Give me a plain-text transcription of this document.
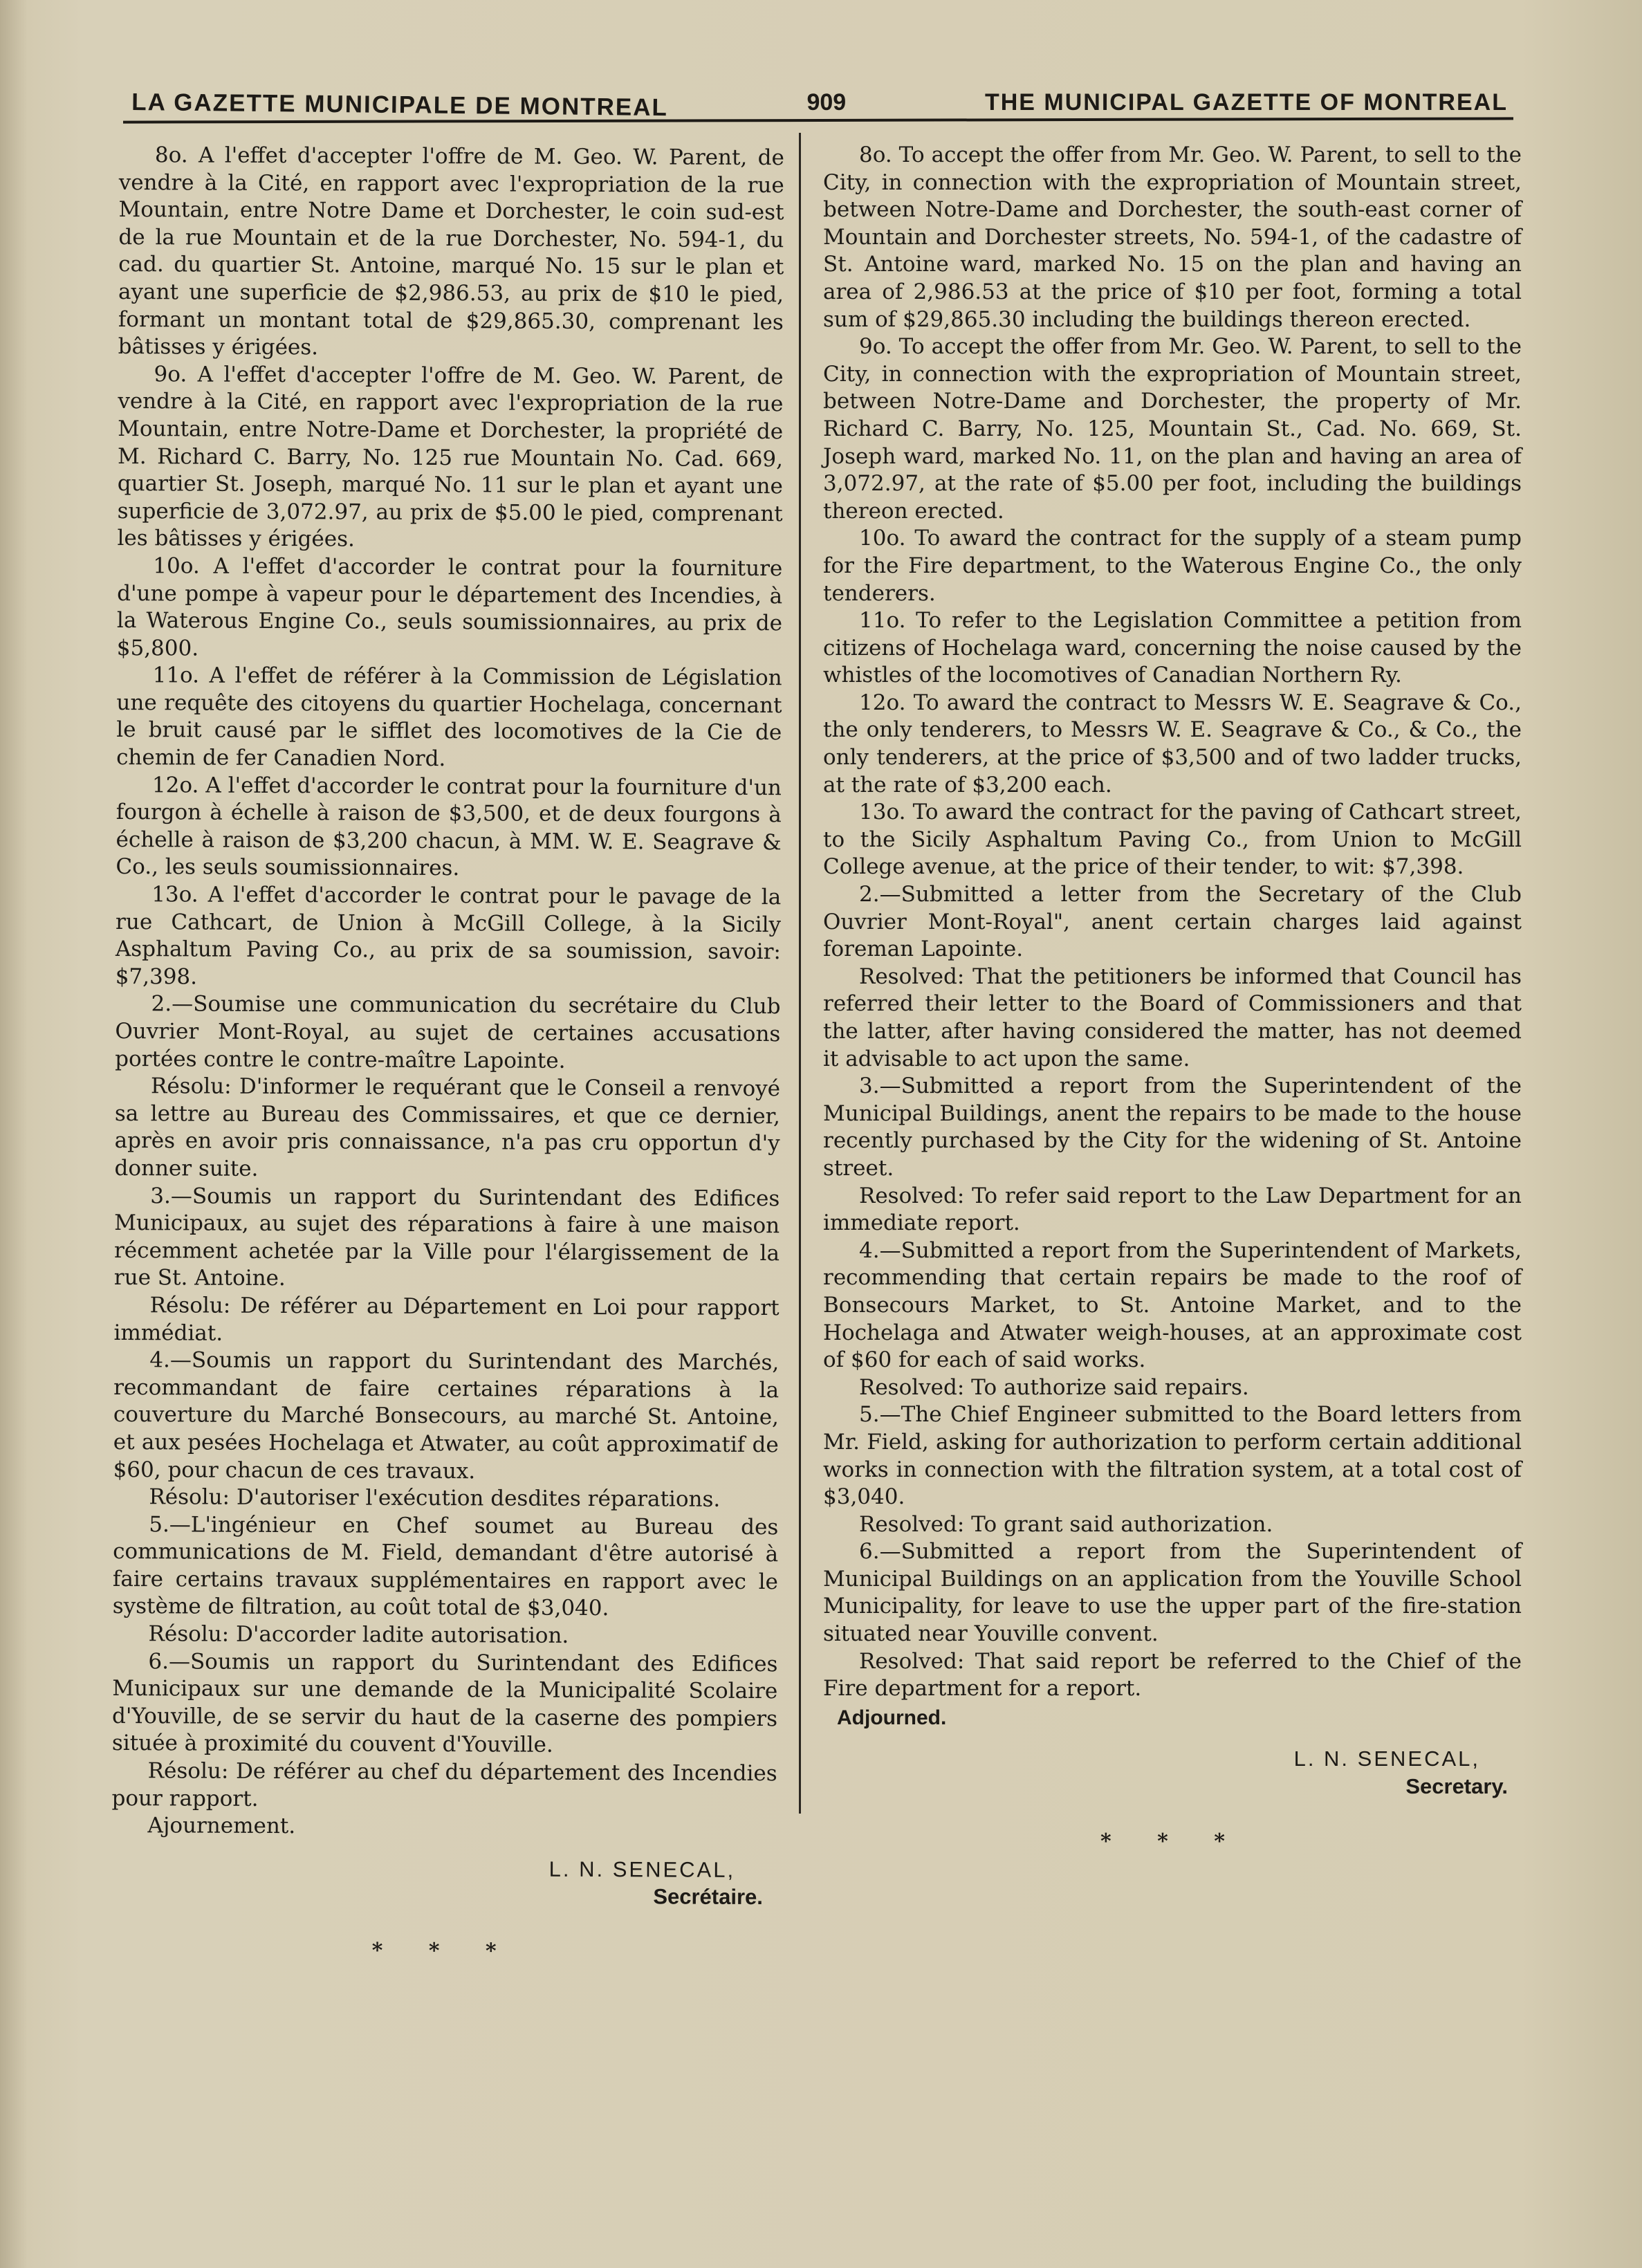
LA GAZETTE MUNICIPALE DE MONTREAL	909	THE MUNICIPAL GAZETTE OF MONTREAL

8o. A l'effet d'accepter l'offre de M. Geo. W. Parent, de vendre à la Cité, en rapport avec l'expropriation de la rue Mountain, entre Notre Dame et Dorchester, le coin sud-est de la rue Mountain et de la rue Dorchester, No. 594-1, du cad. du quartier St. Antoine, marqué No. 15 sur le plan et ayant une superficie de $2,986.53, au prix de $10 le pied, formant un montant total de $29,865.30, comprenant les bâtisses y érigées.

9o. A l'effet d'accepter l'offre de M. Geo. W. Parent, de vendre à la Cité, en rapport avec l'expropriation de la rue Mountain, entre Notre-Dame et Dorchester, la propriété de M. Richard C. Barry, No. 125 rue Mountain No. Cad. 669, quartier St. Joseph, marqué No. 11 sur le plan et ayant une superficie de 3,072.97, au prix de $5.00 le pied, comprenant les bâtisses y érigées.

10o. A l'effet d'accorder le contrat pour la fourniture d'une pompe à vapeur pour le département des Incendies, à la Waterous Engine Co., seuls soumissionnaires, au prix de $5,800.

11o. A l'effet de référer à la Commission de Législation une requête des citoyens du quartier Hochelaga, concernant le bruit causé par le sifflet des locomotives de la Cie de chemin de fer Canadien Nord.

12o. A l'effet d'accorder le contrat pour la fourniture d'un fourgon à échelle à raison de $3,500, et de deux fourgons à échelle à raison de $3,200 chacun, à MM. W. E. Seagrave & Co., les seuls soumissionnaires.

13o. A l'effet d'accorder le contrat pour le pavage de la rue Cathcart, de Union à McGill College, à la Sicily Asphaltum Paving Co., au prix de sa soumission, savoir: $7,398.

2.—Soumise une communication du secrétaire du Club Ouvrier Mont-Royal, au sujet de certaines accusations portées contre le contre-maître Lapointe.

Résolu: D'informer le requérant que le Conseil a renvoyé sa lettre au Bureau des Commissaires, et que ce dernier, après en avoir pris connaissance, n'a pas cru opportun d'y donner suite.

3.—Soumis un rapport du Surintendant des Edifices Municipaux, au sujet des réparations à faire à une maison récemment achetée par la Ville pour l'élargissement de la rue St. Antoine.

Résolu: De référer au Département en Loi pour rapport immédiat.

4.—Soumis un rapport du Surintendant des Marchés, recommandant de faire certaines réparations à la couverture du Marché Bonsecours, au marché St. Antoine, et aux pesées Hochelaga et Atwater, au coût approximatif de $60, pour chacun de ces travaux.

Résolu: D'autoriser l'exécution desdites réparations.

5.—L'ingénieur en Chef soumet au Bureau des communications de M. Field, demandant d'être autorisé à faire certains travaux supplémentaires en rapport avec le système de filtration, au coût total de $3,040.

Résolu: D'accorder ladite autorisation.

6.—Soumis un rapport du Surintendant des Edifices Municipaux sur une demande de la Municipalité Scolaire d'Youville, de se servir du haut de la caserne des pompiers située à proximité du couvent d'Youville.

Résolu: De référer au chef du département des Incendies pour rapport.

Ajournement.

L. N. SENECAL,
Secrétaire.
* * *

8o. To accept the offer from Mr. Geo. W. Parent, to sell to the City, in connection with the expropriation of Mountain street, between Notre-Dame and Dorchester, the south-east corner of Mountain and Dorchester streets, No. 594-1, of the cadastre of St. Antoine ward, marked No. 15 on the plan and having an area of 2,986.53 at the price of $10 per foot, forming a total sum of $29,865.30 including the buildings thereon erected.

9o. To accept the offer from Mr. Geo. W. Parent, to sell to the City, in connection with the expropriation of Mountain street, between Notre-Dame and Dorchester, the property of Mr. Richard C. Barry, No. 125, Mountain St., Cad. No. 669, St. Joseph ward, marked No. 11, on the plan and having an area of 3,072.97, at the rate of $5.00 per foot, including the buildings thereon erected.

10o. To award the contract for the supply of a steam pump for the Fire department, to the Waterous Engine Co., the only tenderers.

11o. To refer to the Legislation Committee a petition from citizens of Hochelaga ward, concerning the noise caused by the whistles of the locomotives of Canadian Northern Ry.

12o. To award the contract to Messrs W. E. Seagrave & Co., the only tenderers, to Messrs W. E. Seagrave & Co., & Co., the only tenderers, at the price of $3,500 and of two ladder trucks, at the rate of $3,200 each.

13o. To award the contract for the paving of Cathcart street, to the Sicily Asphaltum Paving Co., from Union to McGill College avenue, at the price of their tender, to wit: $7,398.

2.—Submitted a letter from the Secretary of the Club Ouvrier Mont-Royal", anent certain charges laid against foreman Lapointe.

Resolved: That the petitioners be informed that Council has referred their letter to the Board of Commissioners and that the latter, after having considered the matter, has not deemed it advisable to act upon the same.

3.—Submitted a report from the Superintendent of the Municipal Buildings, anent the repairs to be made to the house recently purchased by the City for the widening of St. Antoine street.

Resolved: To refer said report to the Law Department for an immediate report.

4.—Submitted a report from the Superintendent of Markets, recommending that certain repairs be made to the roof of Bonsecours Market, to St. Antoine Market, and to the Hochelaga and Atwater weigh-houses, at an approximate cost of $60 for each of said works.

Resolved: To authorize said repairs.

5.—The Chief Engineer submitted to the Board letters from Mr. Field, asking for authorization to perform certain additional works in connection with the filtration system, at a total cost of $3,040.

Resolved: To grant said authorization.

6.—Submitted a report from the Superintendent of Municipal Buildings on an application from the Youville School Municipality, for leave to use the upper part of the fire-station situated near Youville convent.

Resolved: That said report be referred to the Chief of the Fire department for a report.

Adjourned.
L. N. SENECAL,
Secretary.
* * *
